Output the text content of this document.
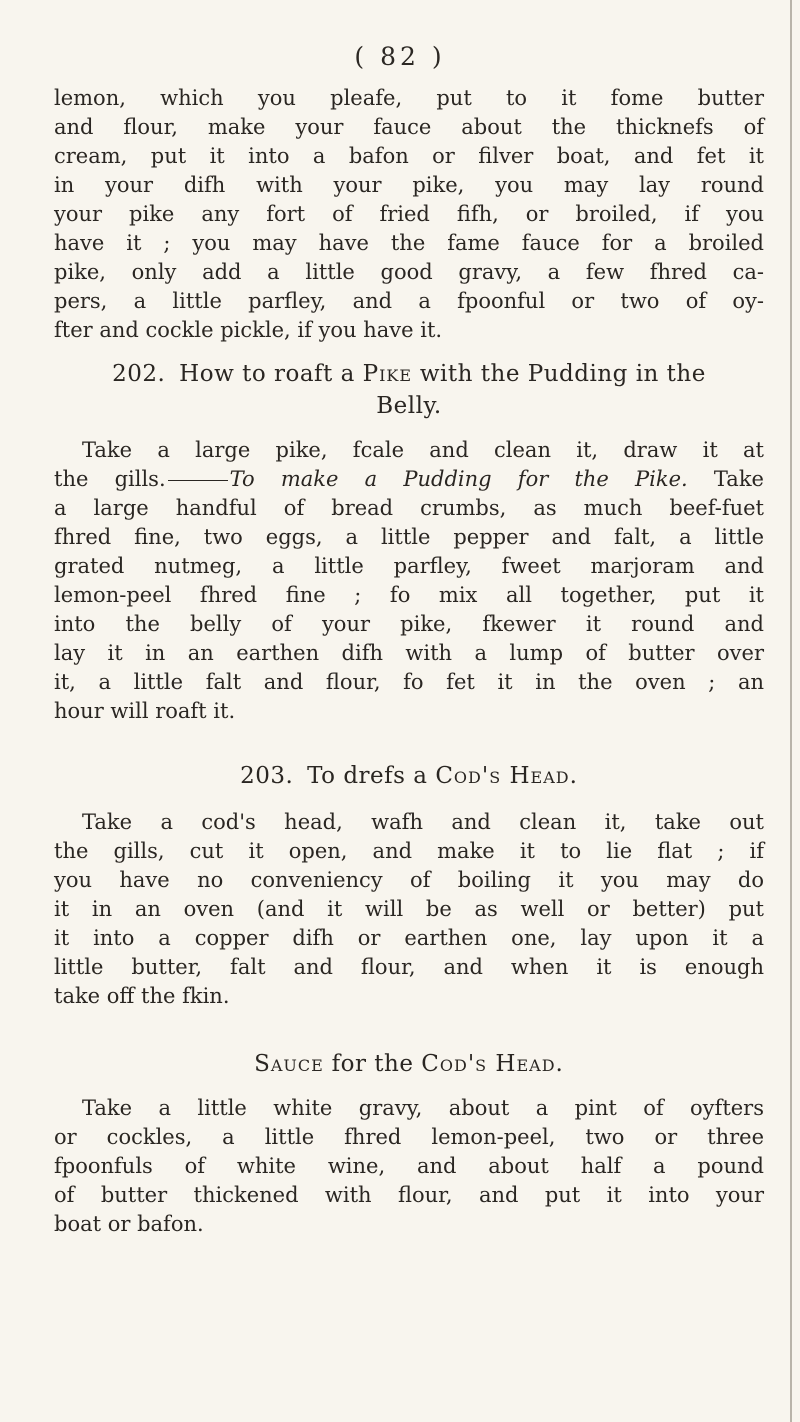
( 82 )
lemon, which you pleafe, put to it fome butter
and flour, make your fauce about the thicknefs of
cream, put it into a bafon or filver boat, and fet it
in your difh with your pike, you may lay round
your pike any fort of fried fifh, or broiled, if you
have it ; you may have the fame fauce for a broiled
pike, only add a little good gravy, a few fhred ca-
pers, a little parfley, and a fpoonful or two of oy-
fter and cockle pickle, if you have it.
202. How to roaft a Pike with the Pudding in the
Belly.
Take a large pike, fcale and clean it, draw it at
the gills.	To make a Pudding for the Pike. Take
a large handful of bread crumbs, as much beef-fuet
fhred fine, two eggs, a little pepper and falt, a little
grated nutmeg, a little parfley, fweet marjoram and
lemon-peel fhred fine ; fo mix all together, put it
into the belly of your pike, fkewer it round and
lay it in an earthen difh with a lump of butter over
it, a little falt and flour, fo fet it in the oven ; an
hour will roaft it.
203. To drefs a Cod's Head.
Take a cod's head, wafh and clean it, take out
the gills, cut it open, and make it to lie flat ; if
you have no conveniency of boiling it you may do
it in an oven (and it will be as well or better) put
it into a copper difh or earthen one, lay upon it a
little butter, falt and flour, and when it is enough
take off the fkin.
Sauce for the Cod's Head.
Take a little white gravy, about a pint of oyfters
or cockles, a little fhred lemon-peel, two or three
fpoonfuls of white wine, and about half a pound
of butter thickened with flour, and put it into your
boat or bafon.
